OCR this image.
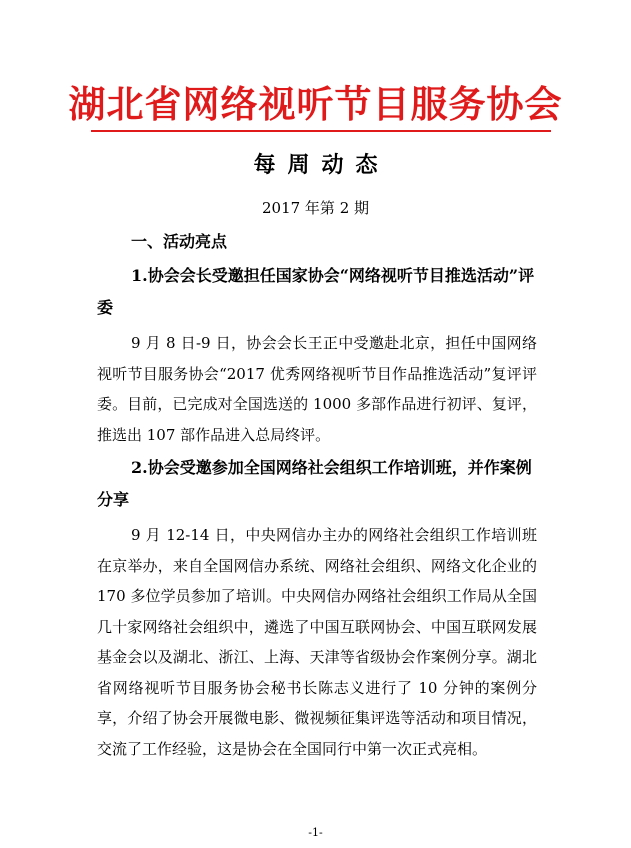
湖北省网络视听节目服务协会
每周动态
2017 年第 2 期
一、活动亮点
1.协会会长受邀担任国家协会“网络视听节目推选活动”评委
9 月 8 日-9 日，协会会长王正中受邀赴北京，担任中国网络视听节目服务协会“2017 优秀网络视听节目作品推选活动”复评评委。目前，已完成对全国选送的 1000 多部作品进行初评、复评，推选出 107 部作品进入总局终评。
2.协会受邀参加全国网络社会组织工作培训班，并作案例分享
9 月 12-14 日，中央网信办主办的网络社会组织工作培训班在京举办，来自全国网信办系统、网络社会组织、网络文化企业的 170 多位学员参加了培训。中央网信办网络社会组织工作局从全国几十家网络社会组织中，遴选了中国互联网协会、中国互联网发展基金会以及湖北、浙江、上海、天津等省级协会作案例分享。湖北省网络视听节目服务协会秘书长陈志义进行了 10 分钟的案例分享，介绍了协会开展微电影、微视频征集评选等活动和项目情况，交流了工作经验，这是协会在全国同行中第一次正式亮相。
-1-
